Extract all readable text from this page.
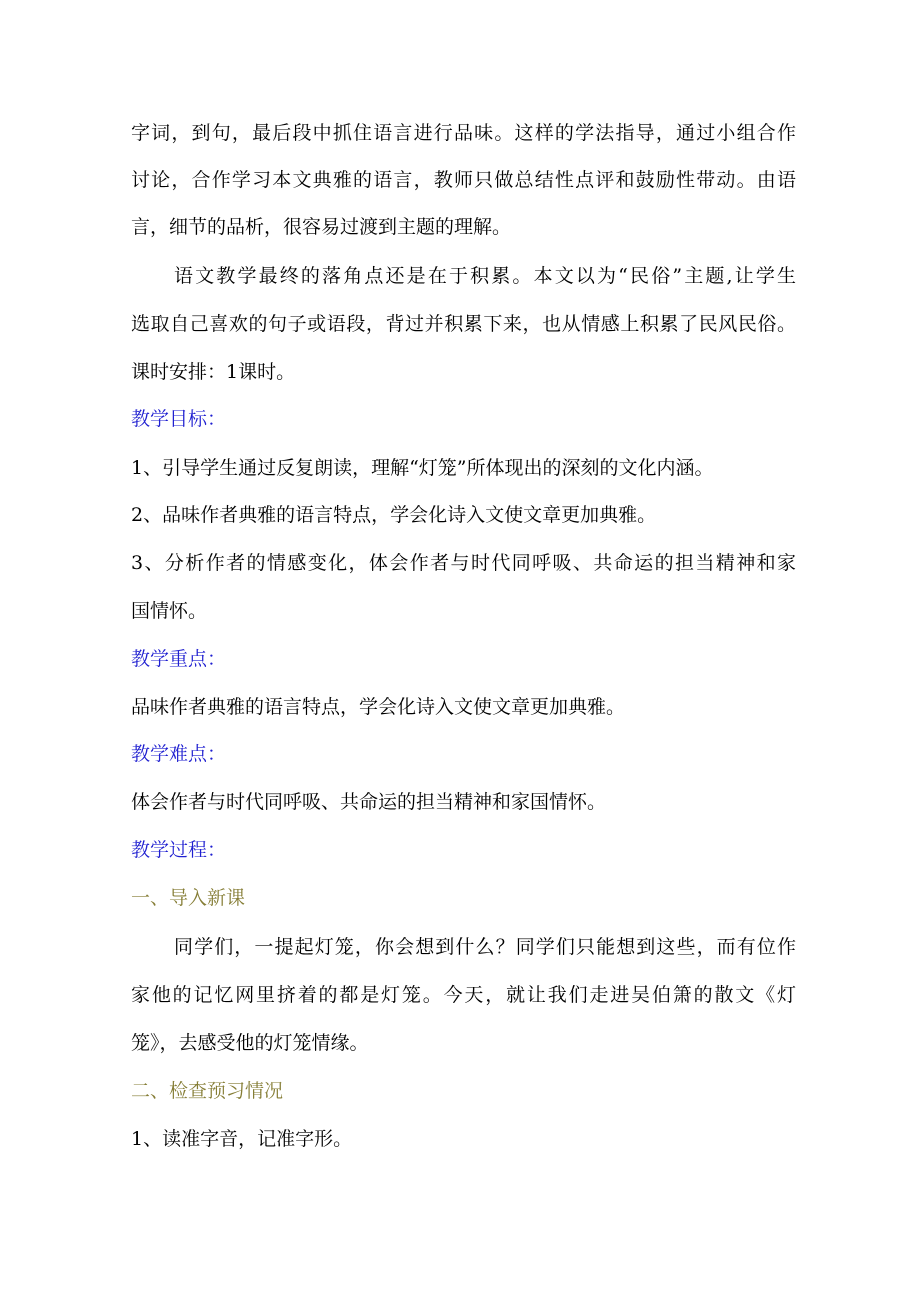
字词，到句，最后段中抓住语言进行品味。这样的学法指导，通过小组合作
讨论，合作学习本文典雅的语言，教师只做总结性点评和鼓励性带动。由语
言，细节的品析，很容易过渡到主题的理解。
语文教学最终的落角点还是在于积累。本文以为“民俗”主题,让学生
选取自己喜欢的句子或语段，背过并积累下来，也从情感上积累了民风民俗。
课时安排：1课时。
教学目标：
1、引导学生通过反复朗读，理解“灯笼”所体现出的深刻的文化内涵。
2、品味作者典雅的语言特点，学会化诗入文使文章更加典雅。
3、分析作者的情感变化，体会作者与时代同呼吸、共命运的担当精神和家
国情怀。
教学重点：
品味作者典雅的语言特点，学会化诗入文使文章更加典雅。
教学难点：
体会作者与时代同呼吸、共命运的担当精神和家国情怀。
教学过程：
一、导入新课
同学们，一提起灯笼，你会想到什么？同学们只能想到这些，而有位作
家他的记忆网里挤着的都是灯笼。今天，就让我们走进吴伯箫的散文《灯
笼》，去感受他的灯笼情缘。
二、检查预习情况
1、读准字音，记准字形。
